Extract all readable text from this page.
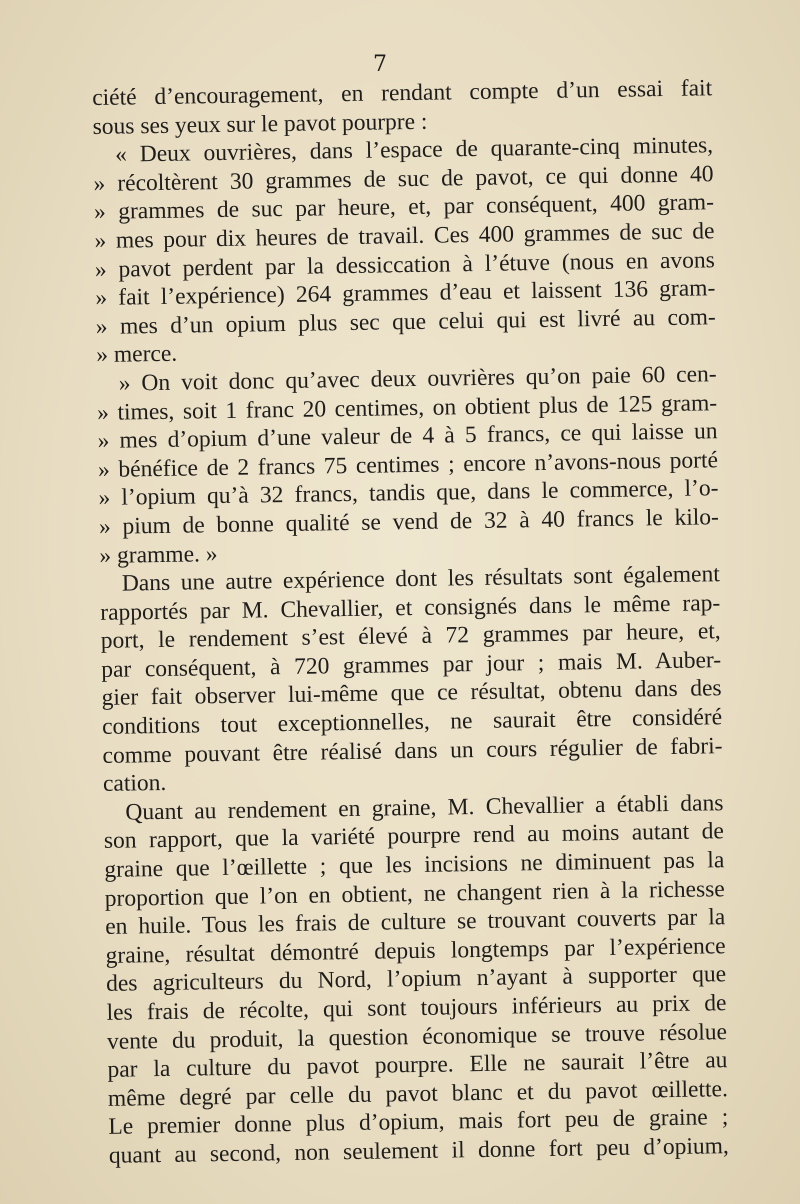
7
ciété d’encouragement, en rendant compte d’un essai fait
sous ses yeux sur le pavot pourpre :
« Deux ouvrières, dans l’espace de quarante-cinq minutes,
» récoltèrent 30 grammes de suc de pavot, ce qui donne 40
» grammes de suc par heure, et, par conséquent, 400 gram-
» mes pour dix heures de travail. Ces 400 grammes de suc de
» pavot perdent par la dessiccation à l’étuve (nous en avons
» fait l’expérience) 264 grammes d’eau et laissent 136 gram-
» mes d’un opium plus sec que celui qui est livré au com-
» merce.
» On voit donc qu’avec deux ouvrières qu’on paie 60 cen-
» times, soit 1 franc 20 centimes, on obtient plus de 125 gram-
» mes d’opium d’une valeur de 4 à 5 francs, ce qui laisse un
» bénéfice de 2 francs 75 centimes ; encore n’avons-nous porté
» l’opium qu’à 32 francs, tandis que, dans le commerce, l’o-
» pium de bonne qualité se vend de 32 à 40 francs le kilo-
» gramme. »
Dans une autre expérience dont les résultats sont également
rapportés par M. Chevallier, et consignés dans le même rap-
port, le rendement s’est élevé à 72 grammes par heure, et,
par conséquent, à 720 grammes par jour ; mais M. Auber-
gier fait observer lui-même que ce résultat, obtenu dans des
conditions tout exceptionnelles, ne saurait être considéré
comme pouvant être réalisé dans un cours régulier de fabri-
cation.
Quant au rendement en graine, M. Chevallier a établi dans
son rapport, que la variété pourpre rend au moins autant de
graine que l’œillette ; que les incisions ne diminuent pas la
proportion que l’on en obtient, ne changent rien à la richesse
en huile. Tous les frais de culture se trouvant couverts par la
graine, résultat démontré depuis longtemps par l’expérience
des agriculteurs du Nord, l’opium n’ayant à supporter que
les frais de récolte, qui sont toujours inférieurs au prix de
vente du produit, la question économique se trouve résolue
par la culture du pavot pourpre. Elle ne saurait l’être au
même degré par celle du pavot blanc et du pavot œillette.
Le premier donne plus d’opium, mais fort peu de graine ;
quant au second, non seulement il donne fort peu d’opium,
